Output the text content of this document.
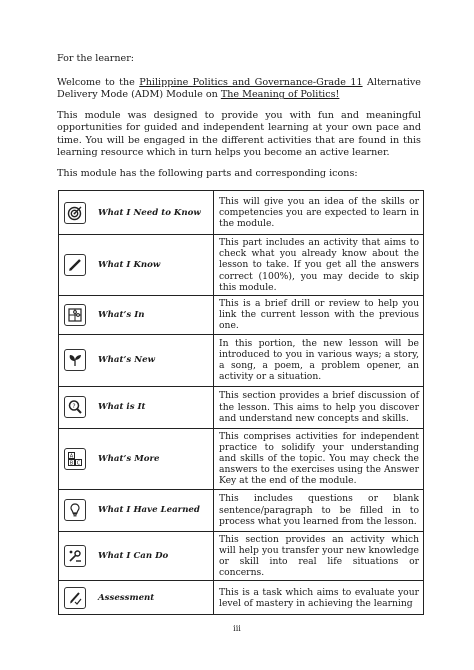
For the learner:
Welcome to the Philippine Politics and Governance-Grade 11 Alternative Delivery Mode (ADM) Module on The Meaning of Politics!
This module was designed to provide you with fun and meaningful opportunities for guided and independent learning at your own pace and time. You will be engaged in the different activities that are found in this learning resource which in turn helps you become an active learner.
This module has the following parts and corresponding icons:
What I Need to Know	This will give you an idea of the skills or competencies you are expected to learn in the module.

What I Know	This part includes an activity that aims to check what you already know about the lesson to take. If you get all the answers correct (100%), you may decide to skip this module.

What’s In	This is a brief drill or review to help you link the current lesson with the previous one.

What’s New	In this portion, the new lesson will be introduced to you in various ways; a story, a song, a poem, a problem opener, an activity or a situation.

? What is It	This section provides a brief discussion of the lesson. This aims to help you discover and understand new concepts and skills.

A
B C What’s More	This comprises activities for independent practice to solidify your understanding and skills of the topic. You may check the answers to the exercises using the Answer Key at the end of the module.

What I Have Learned	This includes questions or blank sentence/paragraph to be filled in to process what you learned from the lesson.

What I Can Do	This section provides an activity which will help you transfer your new knowledge or skill into real life situations or concerns.

Assessment	This is a task which aims to evaluate your level of mastery in achieving the learning
iii
